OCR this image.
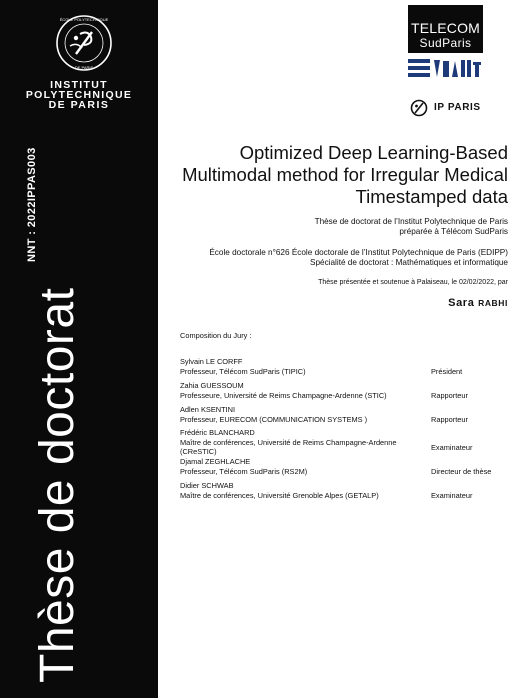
ÉCOLE POLYTECHNIQUE
DE PARIS
INSTITUT
POLYTECHNIQUE
DE PARIS
NNT : 2022IPPAS003
Thèse de doctorat
TELECOM
SudParis
IP PARIS
Optimized Deep Learning-Based
Multimodal method for Irregular Medical
Timestamped data
Thèse de doctorat de l’Institut Polytechnique de Paris
préparée à Télécom SudParis
École doctorale n°626 École doctorale de l’Institut Polytechnique de Paris (EDIPP)
Spécialité de doctorat : Mathématiques et informatique
Thèse présentée et soutenue à Palaiseau, le 02/02/2022, par
Sara RABHI
Composition du Jury :
Sylvain LE CORFF
Professeur, Télécom SudParis (TIPIC)	Président
Zahia GUESSOUM
Professeure, Université de Reims Champagne-Ardenne (STIC)	Rapporteur
Adlen KSENTINI
Professeur, EURECOM (COMMUNICATION SYSTEMS )	Rapporteur
Frédéric BLANCHARD
Maître de conférences, Université de Reims Champagne-Ardenne (CReSTIC)	Examinateur
Djamal ZEGHLACHE
Professeur, Télécom SudParis (RS2M)	Directeur de thèse
Didier SCHWAB
Maître de conférences, Université Grenoble Alpes (GETALP)	Examinateur
